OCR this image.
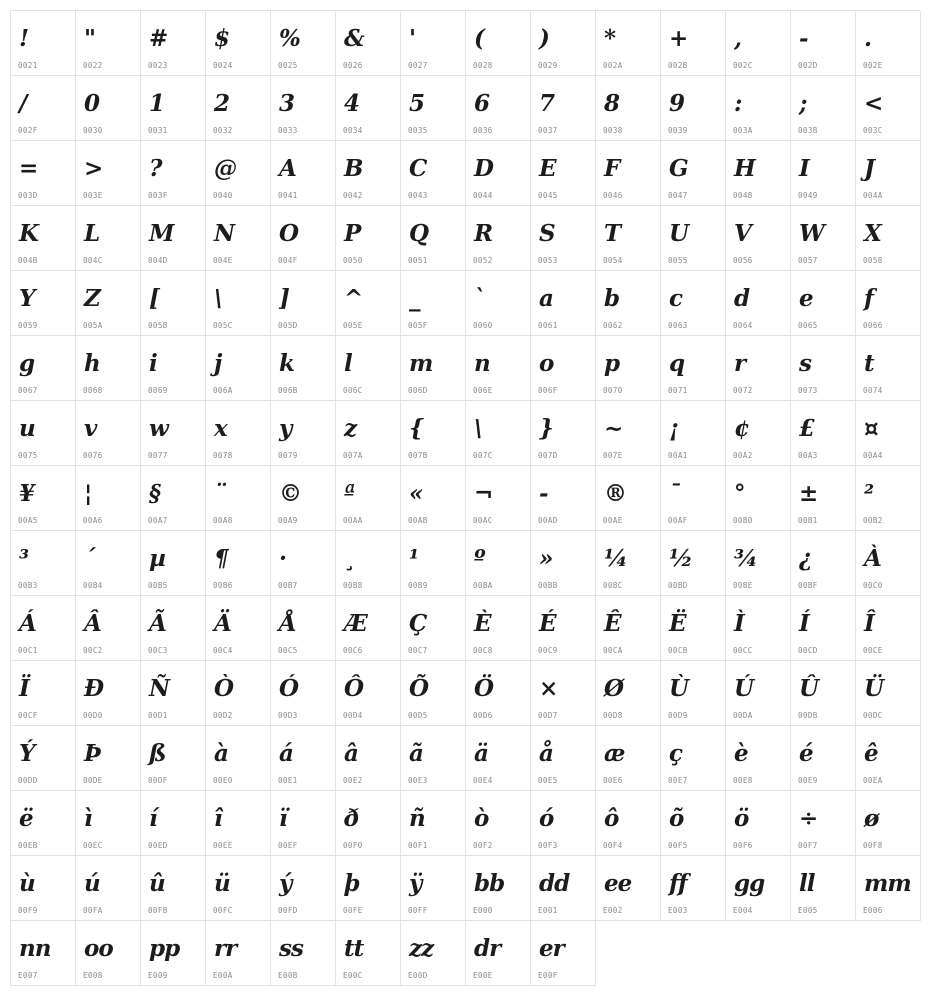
!
0021
"
0022
#
0023
$
0024
%
0025
&
0026
'
0027
(
0028
)
0029
*
002A
+
002B
,
002C
-
002D
.
002E
/
002F
0
0030
1
0031
2
0032
3
0033
4
0034
5
0035
6
0036
7
0037
8
0038
9
0039
:
003A
;
003B
<
003C
=
003D
>
003E
?
003F
@
0040
A
0041
B
0042
C
0043
D
0044
E
0045
F
0046
G
0047
H
0048
I
0049
J
004A
K
004B
L
004C
M
004D
N
004E
O
004F
P
0050
Q
0051
R
0052
S
0053
T
0054
U
0055
V
0056
W
0057
X
0058
Y
0059
Z
005A
[
005B
\
005C
]
005D
^
005E
_
005F
`
0060
a
0061
b
0062
c
0063
d
0064
e
0065
f
0066
g
0067
h
0068
i
0069
j
006A
k
006B
l
006C
m
006D
n
006E
o
006F
p
0070
q
0071
r
0072
s
0073
t
0074
u
0075
v
0076
w
0077
x
0078
y
0079
z
007A
{
007B
\
007C
}
007D
~
007E
¡
00A1
¢
00A2
£
00A3
¤
00A4
¥
00A5
¦
00A6
§
00A7
¨
00A8
©
00A9
ª
00AA
«
00AB
¬
00AC
-
00AD
®
00AE
¯
00AF
°
00B0
±
00B1
²
00B2
³
00B3
´
00B4
µ
00B5
¶
00B6
·
00B7
¸
00B8
¹
00B9
º
00BA
»
00BB
¼
00BC
½
00BD
¾
00BE
¿
00BF
À
00C0
Á
00C1
Â
00C2
Ã
00C3
Ä
00C4
Å
00C5
Æ
00C6
Ç
00C7
È
00C8
É
00C9
Ê
00CA
Ë
00CB
Ì
00CC
Í
00CD
Î
00CE
Ï
00CF
Ð
00D0
Ñ
00D1
Ò
00D2
Ó
00D3
Ô
00D4
Õ
00D5
Ö
00D6
×
00D7
Ø
00D8
Ù
00D9
Ú
00DA
Û
00DB
Ü
00DC
Ý
00DD
Þ
00DE
ß
00DF
à
00E0
á
00E1
â
00E2
ã
00E3
ä
00E4
å
00E5
æ
00E6
ç
00E7
è
00E8
é
00E9
ê
00EA
ë
00EB
ì
00EC
í
00ED
î
00EE
ï
00EF
ð
00F0
ñ
00F1
ò
00F2
ó
00F3
ô
00F4
õ
00F5
ö
00F6
÷
00F7
ø
00F8
ù
00F9
ú
00FA
û
00FB
ü
00FC
ý
00FD
þ
00FE
ÿ
00FF
bb
E000
dd
E001
ee
E002
ff
E003
gg
E004
ll
E005
mm
E006
nn
E007
oo
E008
pp
E009
rr
E00A
ss
E00B
tt
E00C
zz
E00D
dr
E00E
er
E00F
